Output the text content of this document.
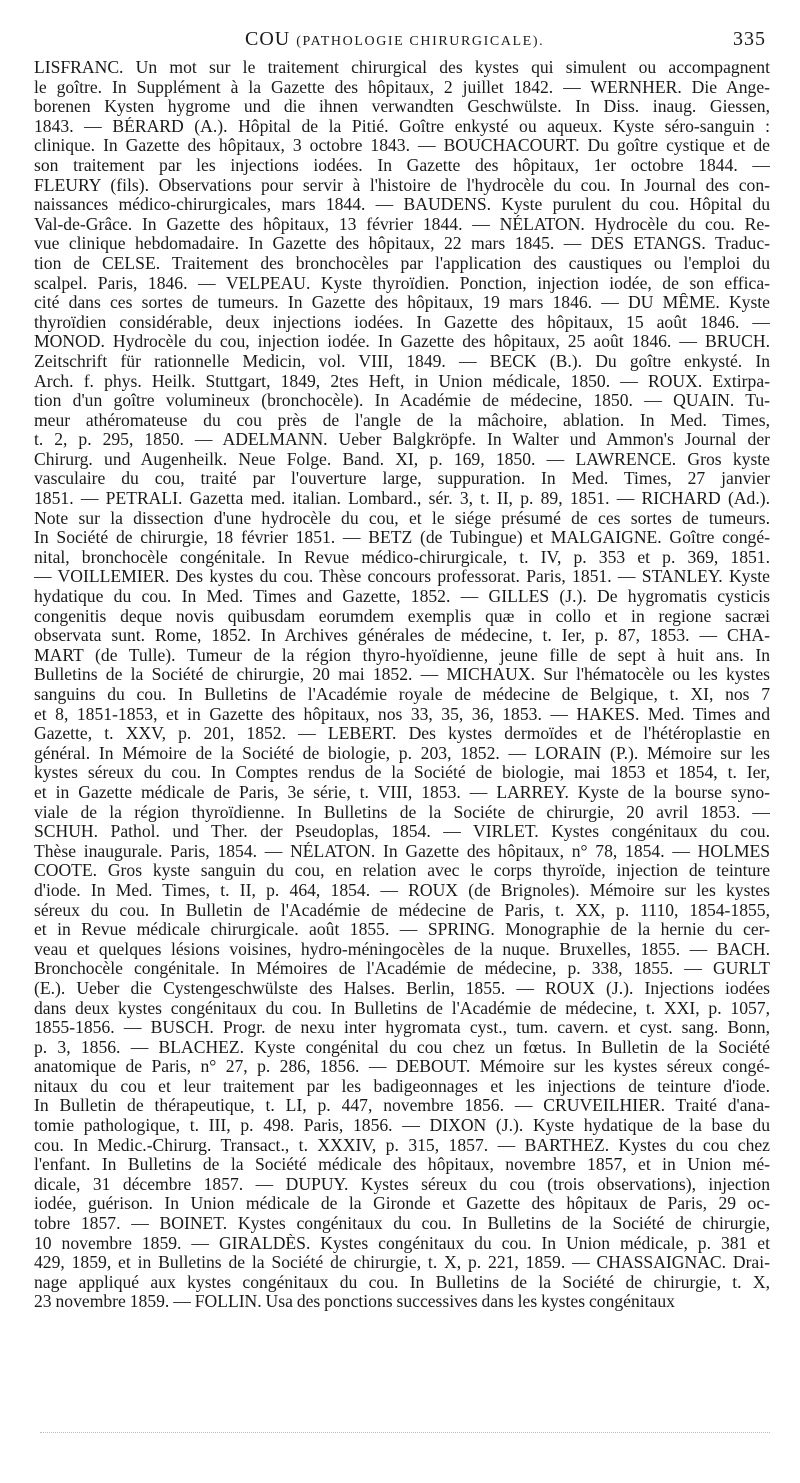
COU (PATHOLOGIE CHIRURGICALE).	335
LISFRANC. Un mot sur le traitement chirurgical des kystes qui simulent ou accompagnent
le goître. In Supplément à la Gazette des hôpitaux, 2 juillet 1842. — WERNHER. Die Ange-
borenen Kysten hygrome und die ihnen verwandten Geschwülste. In Diss. inaug. Giessen,
1843. — BÉRARD (A.). Hôpital de la Pitié. Goître enkysté ou aqueux. Kyste séro-sanguin :
clinique. In Gazette des hôpitaux, 3 octobre 1843. — BOUCHACOURT. Du goître cystique et de
son traitement par les injections iodées. In Gazette des hôpitaux, 1er octobre 1844. —
FLEURY (fils). Observations pour servir à l'histoire de l'hydrocèle du cou. In Journal des con-
naissances médico-chirurgicales, mars 1844. — BAUDENS. Kyste purulent du cou. Hôpital du
Val-de-Grâce. In Gazette des hôpitaux, 13 février 1844. — NÉLATON. Hydrocèle du cou. Re-
vue clinique hebdomadaire. In Gazette des hôpitaux, 22 mars 1845. — DES ETANGS. Traduc-
tion de CELSE. Traitement des bronchocèles par l'application des caustiques ou l'emploi du
scalpel. Paris, 1846. — VELPEAU. Kyste thyroïdien. Ponction, injection iodée, de son effica-
cité dans ces sortes de tumeurs. In Gazette des hôpitaux, 19 mars 1846. — DU MÊME. Kyste
thyroïdien considérable, deux injections iodées. In Gazette des hôpitaux, 15 août 1846. —
MONOD. Hydrocèle du cou, injection iodée. In Gazette des hôpitaux, 25 août 1846. — BRUCH.
Zeitschrift für rationnelle Medicin, vol. VIII, 1849. — BECK (B.). Du goître enkysté. In
Arch. f. phys. Heilk. Stuttgart, 1849, 2tes Heft, in Union médicale, 1850. — ROUX. Extirpa-
tion d'un goître volumineux (bronchocèle). In Académie de médecine, 1850. — QUAIN. Tu-
meur athéromateuse du cou près de l'angle de la mâchoire, ablation. In Med. Times,
t. 2, p. 295, 1850. — ADELMANN. Ueber Balgkröpfe. In Walter und Ammon's Journal der
Chirurg. und Augenheilk. Neue Folge. Band. XI, p. 169, 1850. — LAWRENCE. Gros kyste
vasculaire du cou, traité par l'ouverture large, suppuration. In Med. Times, 27 janvier
1851. — PETRALI. Gazetta med. italian. Lombard., sér. 3, t. II, p. 89, 1851. — RICHARD (Ad.).
Note sur la dissection d'une hydrocèle du cou, et le siége présumé de ces sortes de tumeurs.
In Société de chirurgie, 18 février 1851. — BETZ (de Tubingue) et MALGAIGNE. Goître congé-
nital, bronchocèle congénitale. In Revue médico-chirurgicale, t. IV, p. 353 et p. 369, 1851.
— VOILLEMIER. Des kystes du cou. Thèse concours professorat. Paris, 1851. — STANLEY. Kyste
hydatique du cou. In Med. Times and Gazette, 1852. — GILLES (J.). De hygromatis cysticis
congenitis deque novis quibusdam eorumdem exemplis quæ in collo et in regione sacræi
observata sunt. Rome, 1852. In Archives générales de médecine, t. Ier, p. 87, 1853. — CHA-
MART (de Tulle). Tumeur de la région thyro-hyoïdienne, jeune fille de sept à huit ans. In
Bulletins de la Société de chirurgie, 20 mai 1852. — MICHAUX. Sur l'hématocèle ou les kystes
sanguins du cou. In Bulletins de l'Académie royale de médecine de Belgique, t. XI, nos 7
et 8, 1851-1853, et in Gazette des hôpitaux, nos 33, 35, 36, 1853. — HAKES. Med. Times and
Gazette, t. XXV, p. 201, 1852. — LEBERT. Des kystes dermoïdes et de l'hétéroplastie en
général. In Mémoire de la Société de biologie, p. 203, 1852. — LORAIN (P.). Mémoire sur les
kystes séreux du cou. In Comptes rendus de la Société de biologie, mai 1853 et 1854, t. Ier,
et in Gazette médicale de Paris, 3e série, t. VIII, 1853. — LARREY. Kyste de la bourse syno-
viale de la région thyroïdienne. In Bulletins de la Sociéte de chirurgie, 20 avril 1853. —
SCHUH. Pathol. und Ther. der Pseudoplas, 1854. — VIRLET. Kystes congénitaux du cou.
Thèse inaugurale. Paris, 1854. — NÉLATON. In Gazette des hôpitaux, n° 78, 1854. — HOLMES
COOTE. Gros kyste sanguin du cou, en relation avec le corps thyroïde, injection de teinture
d'iode. In Med. Times, t. II, p. 464, 1854. — ROUX (de Brignoles). Mémoire sur les kystes
séreux du cou. In Bulletin de l'Académie de médecine de Paris, t. XX, p. 1110, 1854-1855,
et in Revue médicale chirurgicale. août 1855. — SPRING. Monographie de la hernie du cer-
veau et quelques lésions voisines, hydro-méningocèles de la nuque. Bruxelles, 1855. — BACH.
Bronchocèle congénitale. In Mémoires de l'Académie de médecine, p. 338, 1855. — GURLT
(E.). Ueber die Cystengeschwülste des Halses. Berlin, 1855. — ROUX (J.). Injections iodées
dans deux kystes congénitaux du cou. In Bulletins de l'Académie de médecine, t. XXI, p. 1057,
1855-1856. — BUSCH. Progr. de nexu inter hygromata cyst., tum. cavern. et cyst. sang. Bonn,
p. 3, 1856. — BLACHEZ. Kyste congénital du cou chez un fœtus. In Bulletin de la Société
anatomique de Paris, n° 27, p. 286, 1856. — DEBOUT. Mémoire sur les kystes séreux congé-
nitaux du cou et leur traitement par les badigeonnages et les injections de teinture d'iode.
In Bulletin de thérapeutique, t. LI, p. 447, novembre 1856. — CRUVEILHIER. Traité d'ana-
tomie pathologique, t. III, p. 498. Paris, 1856. — DIXON (J.). Kyste hydatique de la base du
cou. In Medic.-Chirurg. Transact., t. XXXIV, p. 315, 1857. — BARTHEZ. Kystes du cou chez
l'enfant. In Bulletins de la Société médicale des hôpitaux, novembre 1857, et in Union mé-
dicale, 31 décembre 1857. — DUPUY. Kystes séreux du cou (trois observations), injection
iodée, guérison. In Union médicale de la Gironde et Gazette des hôpitaux de Paris, 29 oc-
tobre 1857. — BOINET. Kystes congénitaux du cou. In Bulletins de la Société de chirurgie,
10 novembre 1859. — GIRALDÈS. Kystes congénitaux du cou. In Union médicale, p. 381 et
429, 1859, et in Bulletins de la Société de chirurgie, t. X, p. 221, 1859. — CHASSAIGNAC. Drai-
nage appliqué aux kystes congénitaux du cou. In Bulletins de la Société de chirurgie, t. X,
23 novembre 1859. — FOLLIN. Usa des ponctions successives dans les kystes congénitaux
